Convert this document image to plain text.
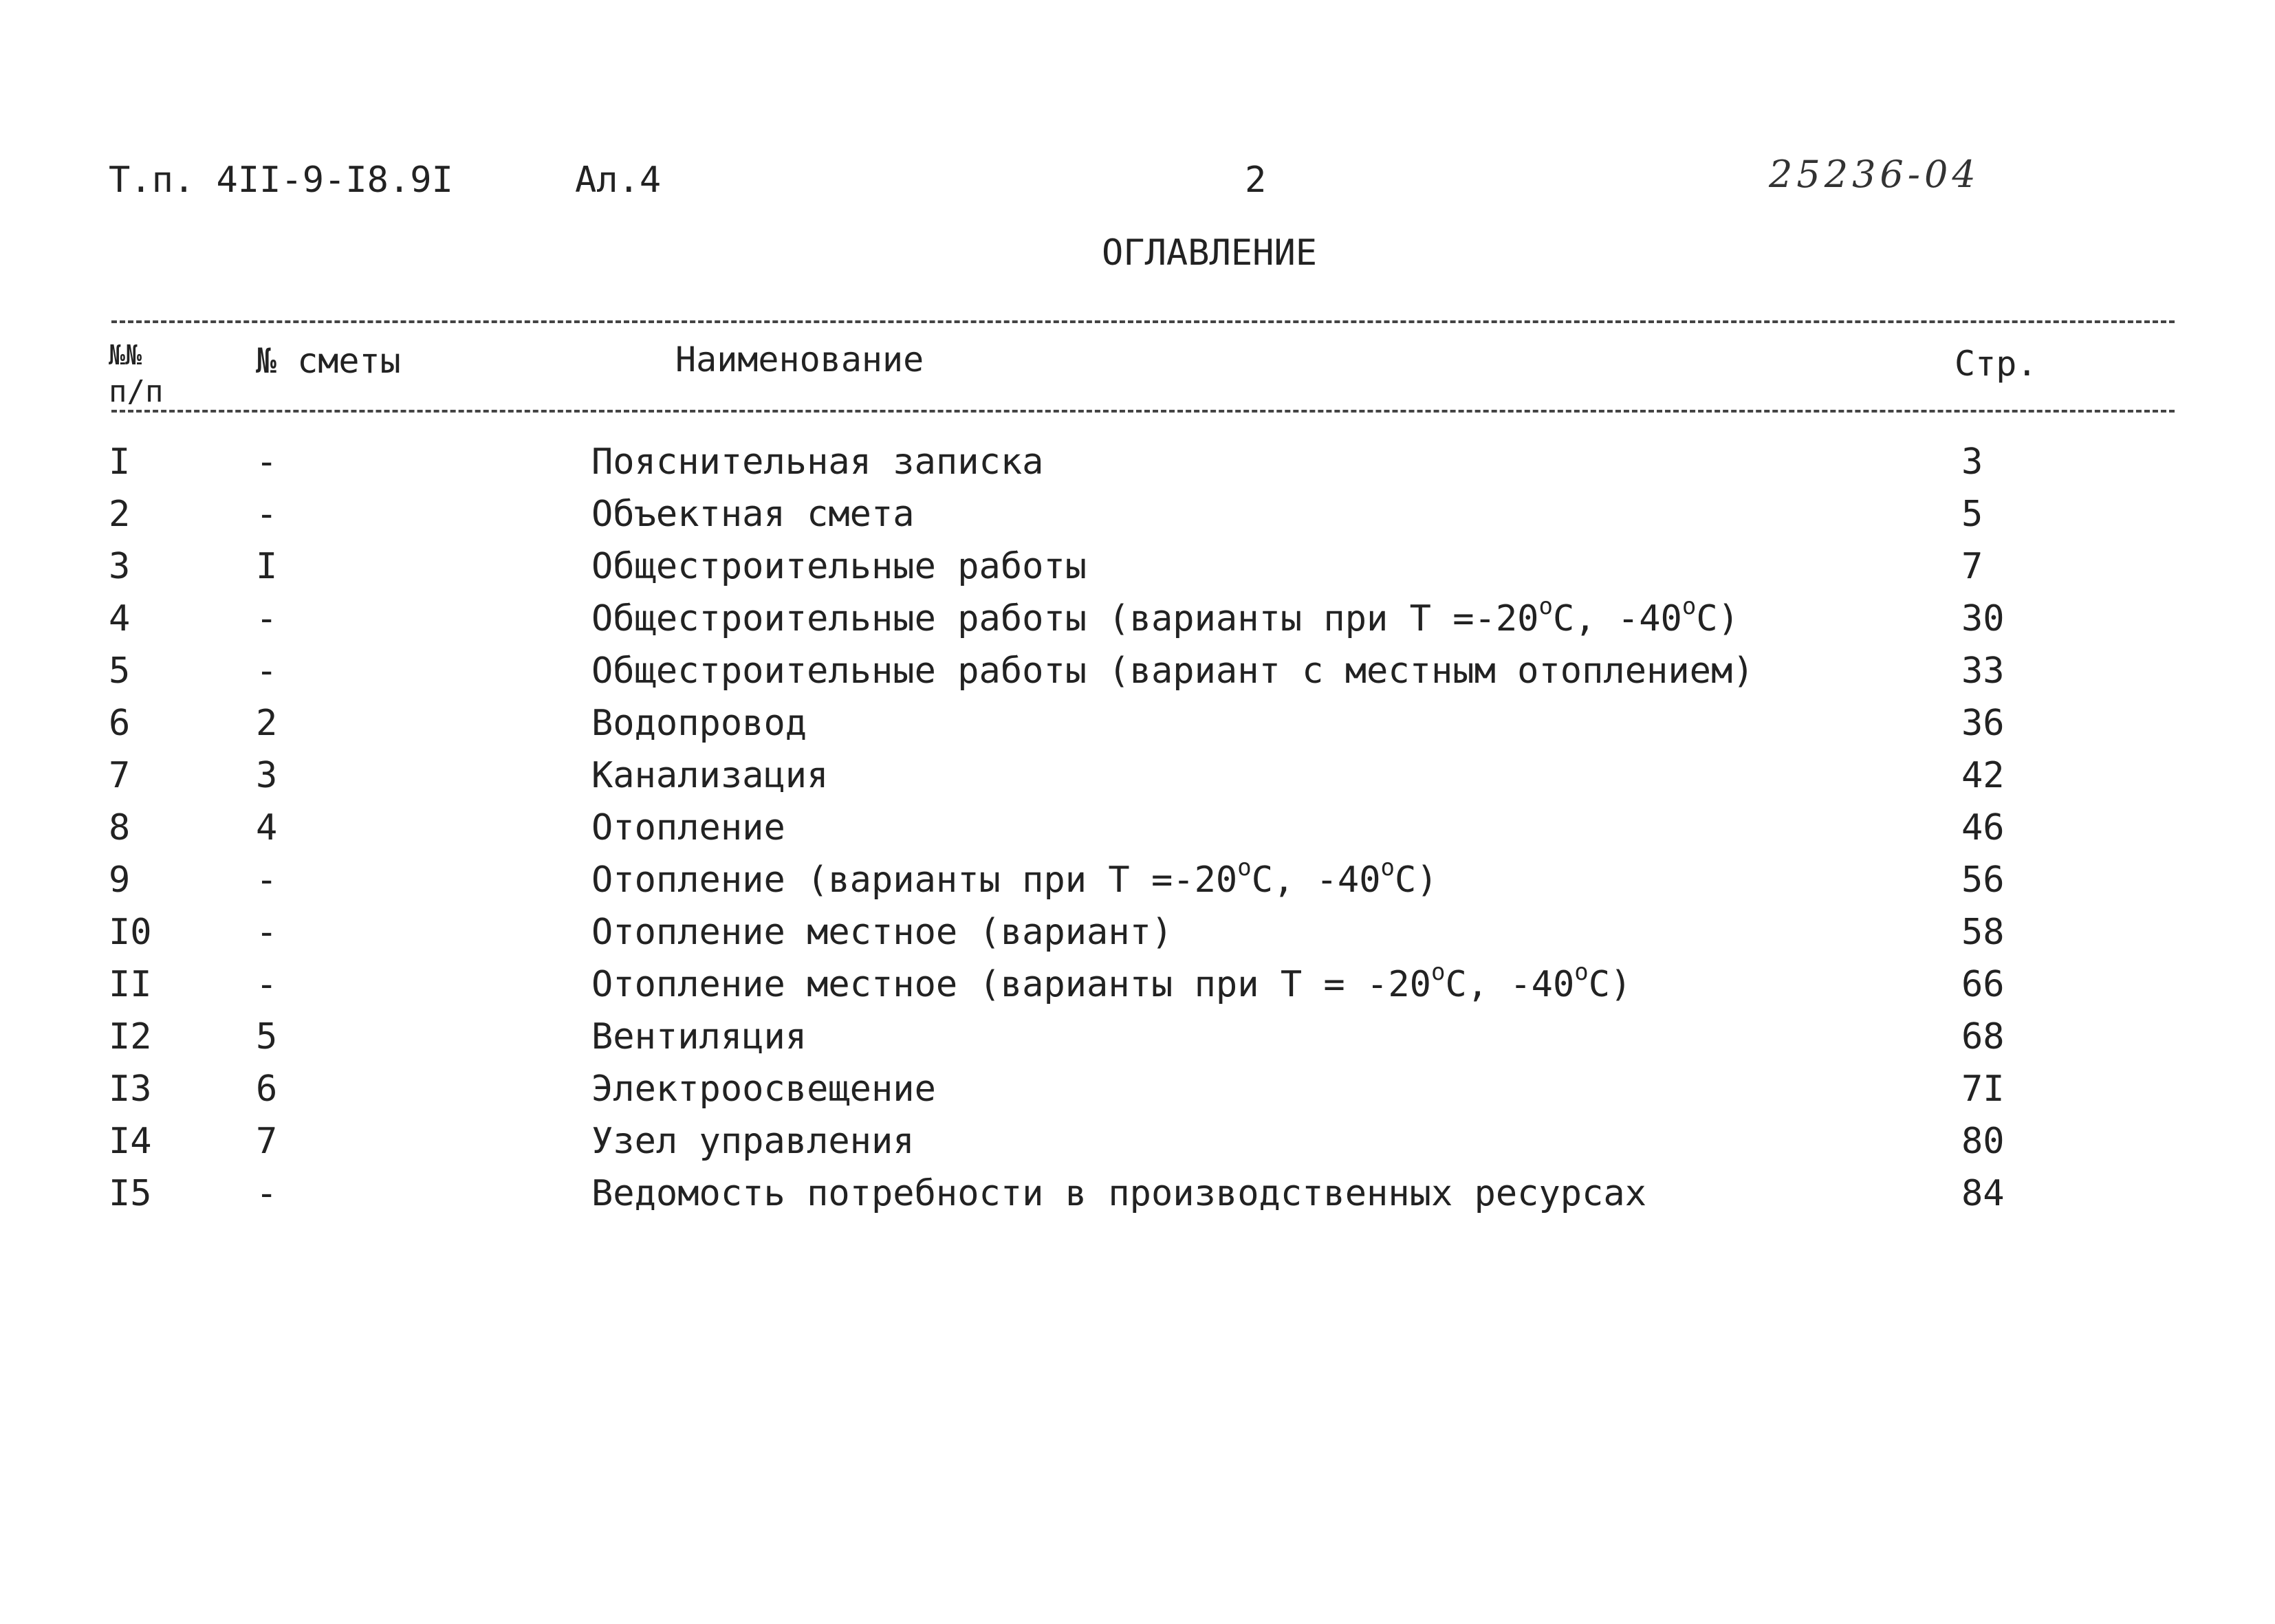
Т.п. 4II-9-I8.9I	Ал.4	2	25236-04
ОГЛАВЛЕНИЕ
№№
п/п
№ сметы	Наименование	Стр.
I	-	Пояснительная записка	3
2	-	Объектная смета	5
3	I	Общестроительные работы	7
4	-	Общестроительные работы (варианты при $Т =-20^оС$, $-40^оС$)	30
5	-	Общестроительные работы (вариант с местным отоплением)	33
6	2	Водопровод	36
7	3	Канализация	42
8	4	Отопление	46
9	-	Отопление (варианты при $Т =-20^оС$, $-40^оС$)	56
I0	-	Отопление местное (вариант)	58
II	-	Отопление местное (варианты при $Т = -20^оС$, $-40^оС$)	66
I2	5	Вентиляция	68
I3	6	Электроосвещение	7I
I4	7	Узел управления	80
I5	-	Ведомость потребности в производственных ресурсах	84
